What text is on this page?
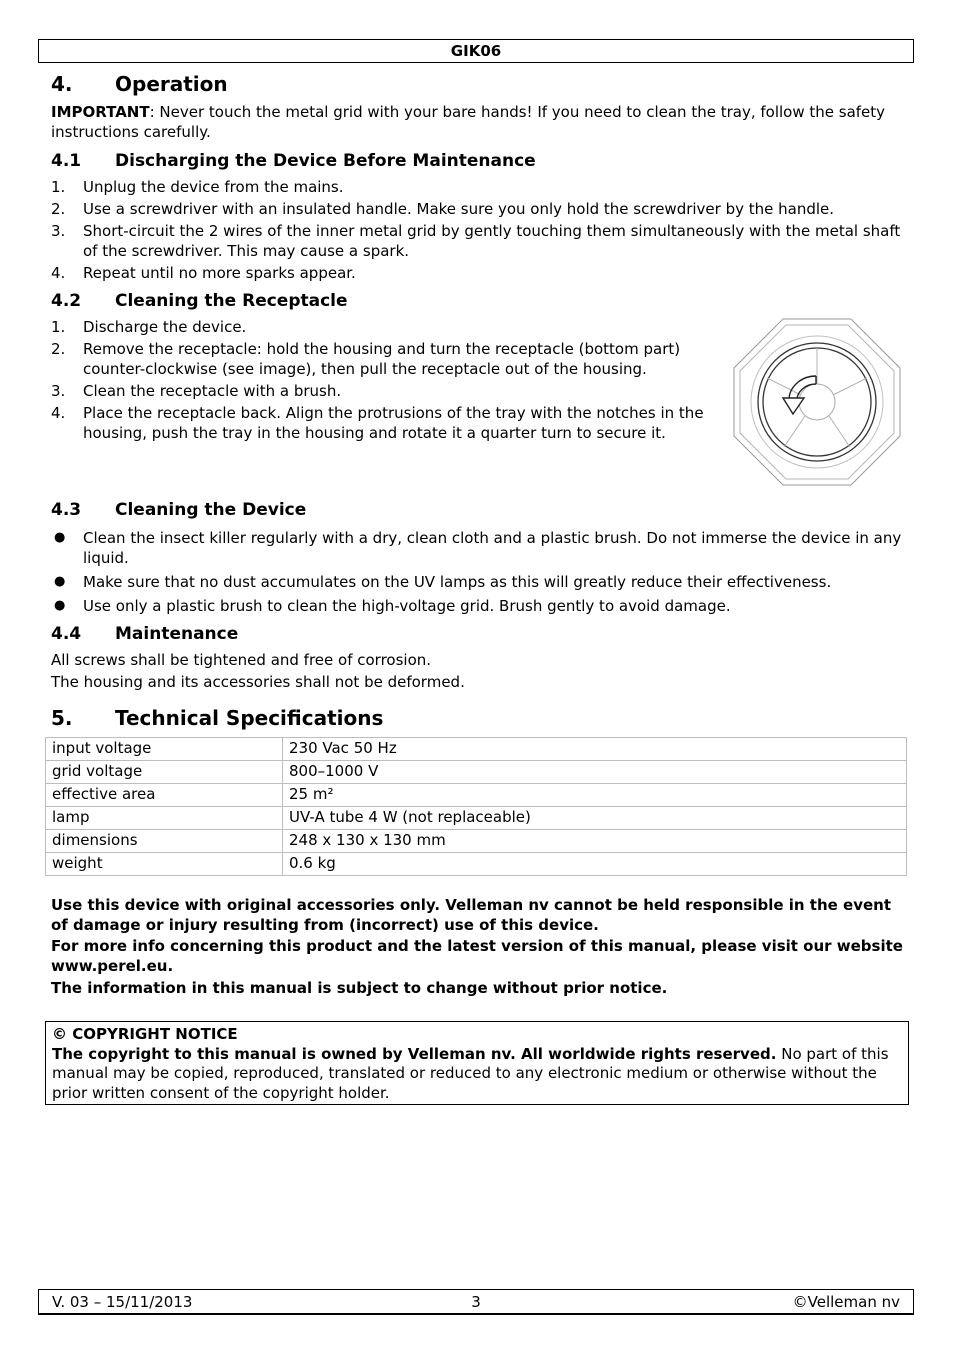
GIK06
4. Operation

IMPORTANT: Never touch the metal grid with your bare hands! If you need to clean the tray, follow the safety instructions carefully.

4.1 Discharging the Device Before Maintenance
1. Unplug the device from the mains.
2. Use a screwdriver with an insulated handle. Make sure you only hold the screwdriver by the handle.
3. Short-circuit the 2 wires of the inner metal grid by gently touching them simultaneously with the metal shaft of the screwdriver. This may cause a spark.
4. Repeat until no more sparks appear.
4.2 Cleaning the Receptacle
1. Discharge the device.
2. Remove the receptacle: hold the housing and turn the receptacle (bottom part) counter-clockwise (see image), then pull the receptacle out of the housing.
3. Clean the receptacle with a brush.
4. Place the receptacle back. Align the protrusions of the tray with the notches in the housing, push the tray in the housing and rotate it a quarter turn to secure it.
4.3 Cleaning the Device
● Clean the insect killer regularly with a dry, clean cloth and a plastic brush. Do not immerse the device in any liquid.
● Make sure that no dust accumulates on the UV lamps as this will greatly reduce their effectiveness.
● Use only a plastic brush to clean the high-voltage grid. Brush gently to avoid damage.
4.4 Maintenance

All screws shall be tightened and free of corrosion.

The housing and its accessories shall not be deformed.

5. Technical Specifications
input voltage	230 Vac 50 Hz
grid voltage	800–1000 V
effective area	25 m²
lamp	UV-A tube 4 W (not replaceable)
dimensions	248 x 130 x 130 mm
weight	0.6 kg

Use this device with original accessories only. Velleman nv cannot be held responsible in the event of damage or injury resulting from (incorrect) use of this device.

For more info concerning this product and the latest version of this manual, please visit our website www.perel.eu.

The information in this manual is subject to change without prior notice.

© COPYRIGHT NOTICE
The copyright to this manual is owned by Velleman nv. All worldwide rights reserved. No part of this manual may be copied, reproduced, translated or reduced to any electronic medium or otherwise without the prior written consent of the copyright holder.
V. 03 – 15/11/2013	3	©Velleman nv
